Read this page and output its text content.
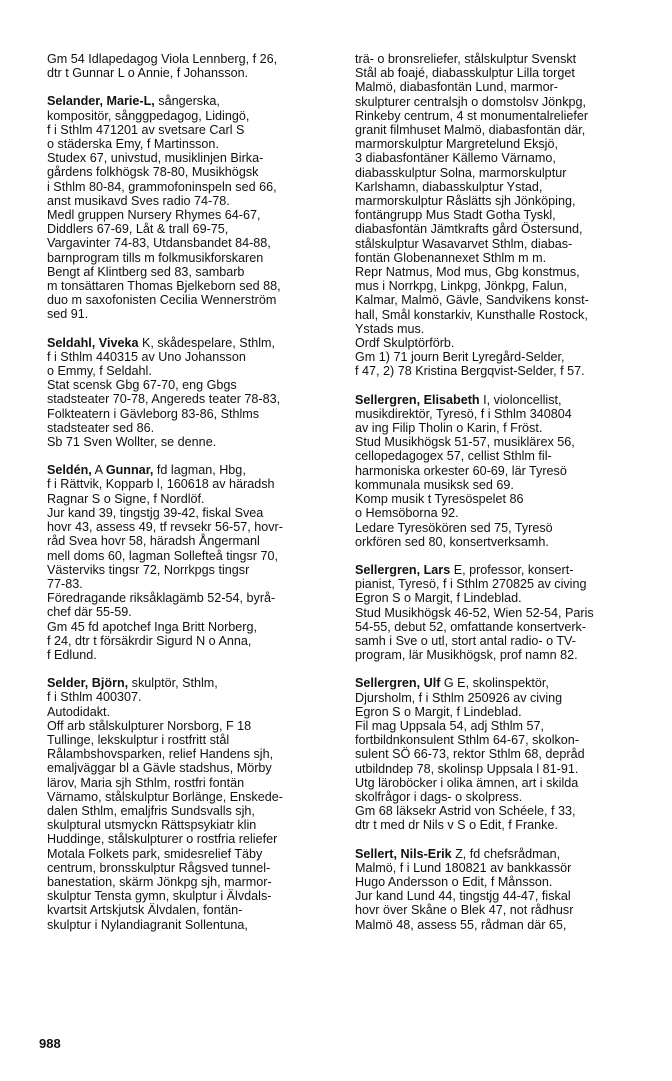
Gm 54 Idlapedagog Viola Lennberg, f 26,
dtr t Gunnar L o Annie, f Johansson.
Selander, Marie-L, sångerska,
kompositör, sånggpedagog, Lidingö,
f i Sthlm 471201 av svetsare Carl S
o städerska Emy, f Martinsson.
Studex 67, univstud, musiklinjen Birka-
gårdens folkhögsk 78-80, Musikhögsk
i Sthlm 80-84, grammofoninspeln sed 66,
anst musikavd Sves radio 74-78.
Medl gruppen Nursery Rhymes 64-67,
Diddlers 67-69, Låt & trall 69-75,
Vargavinter 74-83, Utdansbandet 84-88,
barnprogram tills m folkmusikforskaren
Bengt af Klintberg sed 83, sambarb
m tonsättaren Thomas Bjelkeborn sed 88,
duo m saxofonisten Cecilia Wennerström
sed 91.
Seldahl, Viveka K, skådespelare, Sthlm,
f i Sthlm 440315 av Uno Johansson
o Emmy, f Seldahl.
Stat scensk Gbg 67-70, eng Gbgs
stadsteater 70-78, Angereds teater 78-83,
Folkteatern i Gävleborg 83-86, Sthlms
stadsteater sed 86.
Sb 71 Sven Wollter, se denne.
Seldén, A Gunnar, fd lagman, Hbg,
f i Rättvik, Kopparb l, 160618 av häradsh
Ragnar S o Signe, f Nordlöf.
Jur kand 39, tingstjg 39-42, fiskal Svea
hovr 43, assess 49, tf revsekr 56-57, hovr-
råd Svea hovr 58, häradsh Ångermanl
mell doms 60, lagman Sollefteå tingsr 70,
Västerviks tingsr 72, Norrkpgs tingsr
77-83.
Föredragande riksåklagämb 52-54, byrå-
chef där 55-59.
Gm 45 fd apotchef Inga Britt Norberg,
f 24, dtr t försäkrdir Sigurd N o Anna,
f Edlund.
Selder, Björn, skulptör, Sthlm,
f i Sthlm 400307.
Autodidakt.
Off arb stålskulpturer Norsborg, F 18
Tullinge, lekskulptur i rostfritt stål
Rålambshovsparken, relief Handens sjh,
emaljväggar bl a Gävle stadshus, Mörby
lärov, Maria sjh Sthlm, rostfri fontän
Värnamo, stålskulptur Borlänge, Enskede-
dalen Sthlm, emaljfris Sundsvalls sjh,
skulptural utsmyckn Rättspsykiatr klin
Huddinge, stålskulpturer o rostfria reliefer
Motala Folkets park, smidesrelief Täby
centrum, bronsskulptur Rågsved tunnel-
banestation, skärm Jönkpg sjh, marmor-
skulptur Tensta gymn, skulptur i Älvdals-
kvartsit Artskjutsk Älvdalen, fontän-
skulptur i Nylandiagranit Sollentuna,
trä- o bronsreliefer, stålskulptur Svenskt
Stål ab foajé, diabasskulptur Lilla torget
Malmö, diabasfontän Lund, marmor-
skulpturer centralsjh o domstolsv Jönkpg,
Rinkeby centrum, 4 st monumentalreliefer
granit filmhuset Malmö, diabasfontän där,
marmorskulptur Margretelund Eksjö,
3 diabasfontäner Källemo Värnamo,
diabasskulptur Solna, marmorskulptur
Karlshamn, diabasskulptur Ystad,
marmorskulptur Råslätts sjh Jönköping,
fontängrupp Mus Stadt Gotha Tyskl,
diabasfontän Jämtkrafts gård Östersund,
stålskulptur Wasavarvet Sthlm, diabas-
fontän Globenannexet Sthlm m m.
Repr Natmus, Mod mus, Gbg konstmus,
mus i Norrkpg, Linkpg, Jönkpg, Falun,
Kalmar, Malmö, Gävle, Sandvikens konst-
hall, Smål konstarkiv, Kunsthalle Rostock,
Ystads mus.
Ordf Skulptörförb.
Gm 1) 71 journ Berit Lyregård-Selder,
f 47, 2) 78 Kristina Bergqvist-Selder, f 57.
Sellergren, Elisabeth I, violoncellist,
musikdirektör, Tyresö, f i Sthlm 340804
av ing Filip Tholin o Karin, f Fröst.
Stud Musikhögsk 51-57, musiklärex 56,
cellopedagogex 57, cellist Sthlm fil-
harmoniska orkester 60-69, lär Tyresö
kommunala musiksk sed 69.
Komp musik t Tyresöspelet 86
o Hemsöborna 92.
Ledare Tyresökören sed 75, Tyresö
orkfören sed 80, konsertverksamh.
Sellergren, Lars E, professor, konsert-
pianist, Tyresö, f i Sthlm 270825 av civing
Egron S o Margit, f Lindeblad.
Stud Musikhögsk 46-52, Wien 52-54, Paris
54-55, debut 52, omfattande konsertverk-
samh i Sve o utl, stort antal radio- o TV-
program, lär Musikhögsk, prof namn 82.
Sellergren, Ulf G E, skolinspektör,
Djursholm, f i Sthlm 250926 av civing
Egron S o Margit, f Lindeblad.
Fil mag Uppsala 54, adj Sthlm 57,
fortbildnkonsulent Sthlm 64-67, skolkon-
sulent SÖ 66-73, rektor Sthlm 68, depråd
utbildndep 78, skolinsp Uppsala l 81-91.
Utg läroböcker i olika ämnen, art i skilda
skolfrågor i dags- o skolpress.
Gm 68 läksekr Astrid von Schéele, f 33,
dtr t med dr Nils v S o Edit, f Franke.
Sellert, Nils-Erik Z, fd chefsrådman,
Malmö, f i Lund 180821 av bankkassör
Hugo Andersson o Edit, f Månsson.
Jur kand Lund 44, tingstjg 44-47, fiskal
hovr över Skåne o Blek 47, not rådhusr
Malmö 48, assess 55, rådman där 65,
988
